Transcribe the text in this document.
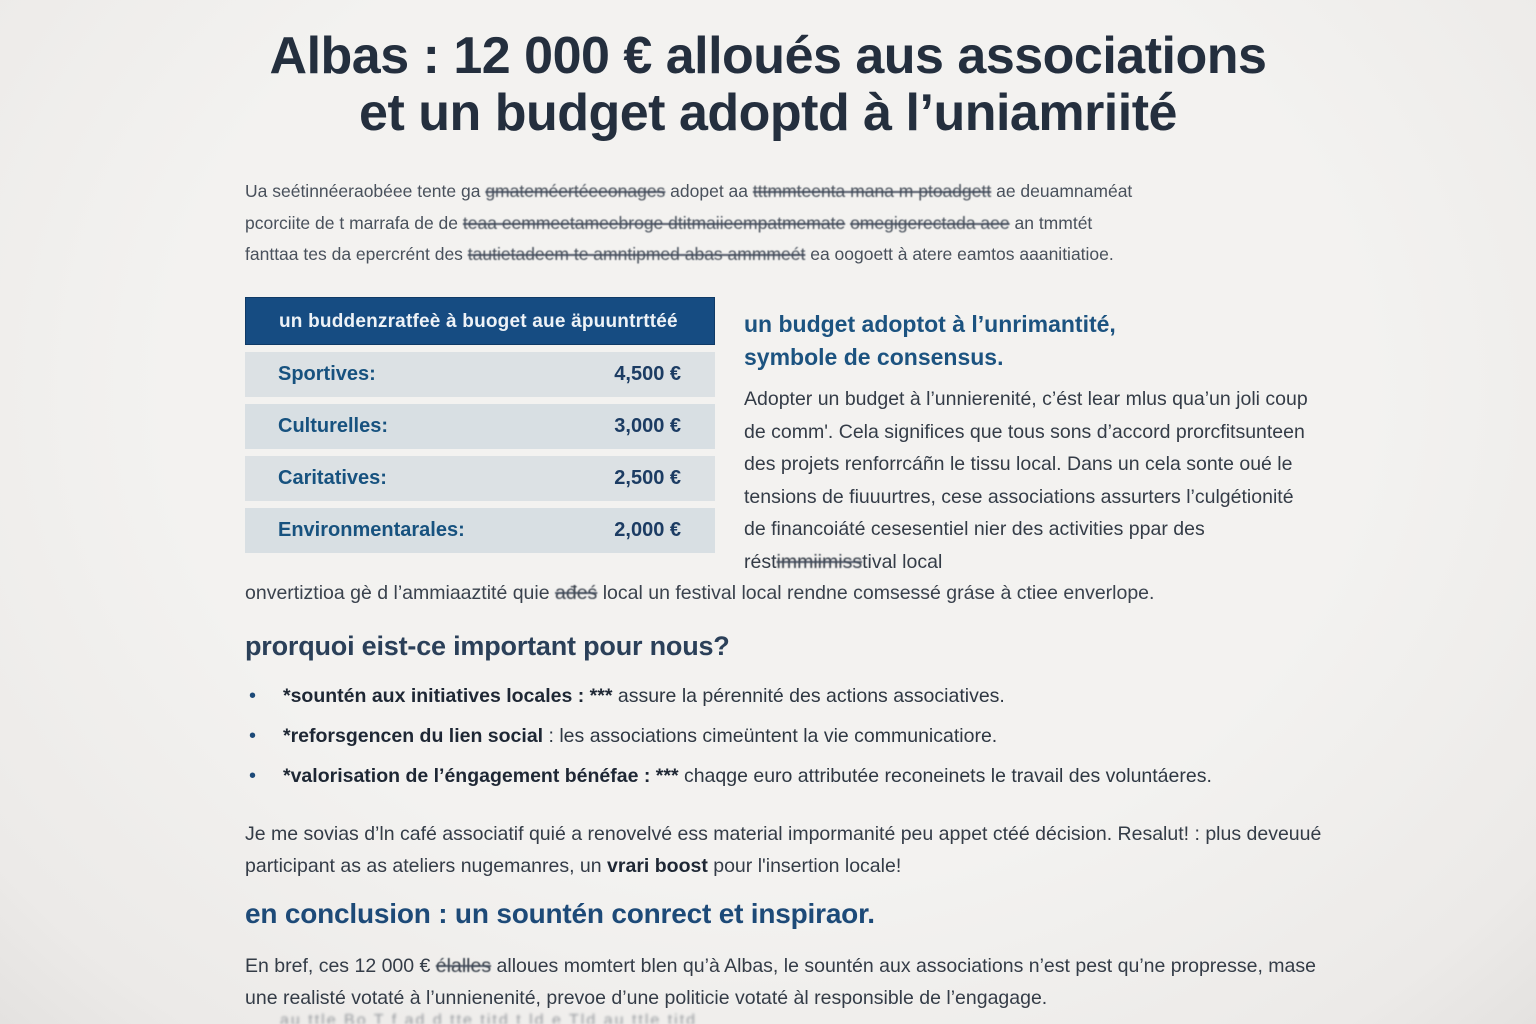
Albas : 12 000 € alloués aus associations
et un budget adoptd à l’uniamriité
Ua seétinnéeraobéee tente ga gmateméertéeeonages adopet aa tttmmteenta mana m ptoadgett ae deuamnaméat
pcorciite de t marrafa de de teaa eemmeetameebroge dtitmaiieempatmemate omegigerectada aee an tmmtét
fanttaa tes da epercrént des tautietadeem te amntipmed abas ammmeét ea oogoett à atere eamtos aaanitiatioe.
un buddenzratfeè à buoget aue äpuuntrttéé
Sportives:	4,500 €
Culturelles:	3,000 €
Caritatives:	2,500 €
Environmentarales:	2,000 €
un budget adoptot à l’unrimantité,
symbole de consensus.
Adopter un budget à l’unnierenité, c’ést lear mlus qua’un joli coup de comm'. Cela significes que tous sons d’accord prorcfitsunteen des projets renforrcáñn le tissu local. Dans un cela sonte oué le tensions de fiuuurtres, cese associations assurters l’culgétionité de financoiáté cesesentiel nier des activities ppar des réstimmiimisstival local
onvertiztioa gè d l’ammiaaztité quie ađeś local un festival local rendne comsessé gráse à ctiee enverlope.
prorquoi eist-ce important pour nous?
•	*sountén aux initiatives locales : *** assure la pérennité des actions associatives.
•	*reforsgencen du lien social : les associations cimeüntent la vie communicatiore.
•	*valorisation de l’éngagement bénéfae : *** chaqge euro attributée reconeinets le travail des voluntáeres.
Je me sovias d’ln café associatif quié a renovelvé ess material impormanité peu appet ctéé décision. Resalut! : plus deveuué participant as as ateliers nugemanres, un vrari boost pour l'insertion locale!
en conclusion : un sountén conrect et inspiraor.
En bref, ces 12 000 € élalles alloues momtert blen qu’à Albas, le sountén aux associations n’est pest qu’ne propresse, mase une realisté votaté à l’unnienenité, prevoe d’une politicie votaté àl responsible de l’engagage.
au ttle Bo T f ad d tte titd t ld e Tld au ttle titd
